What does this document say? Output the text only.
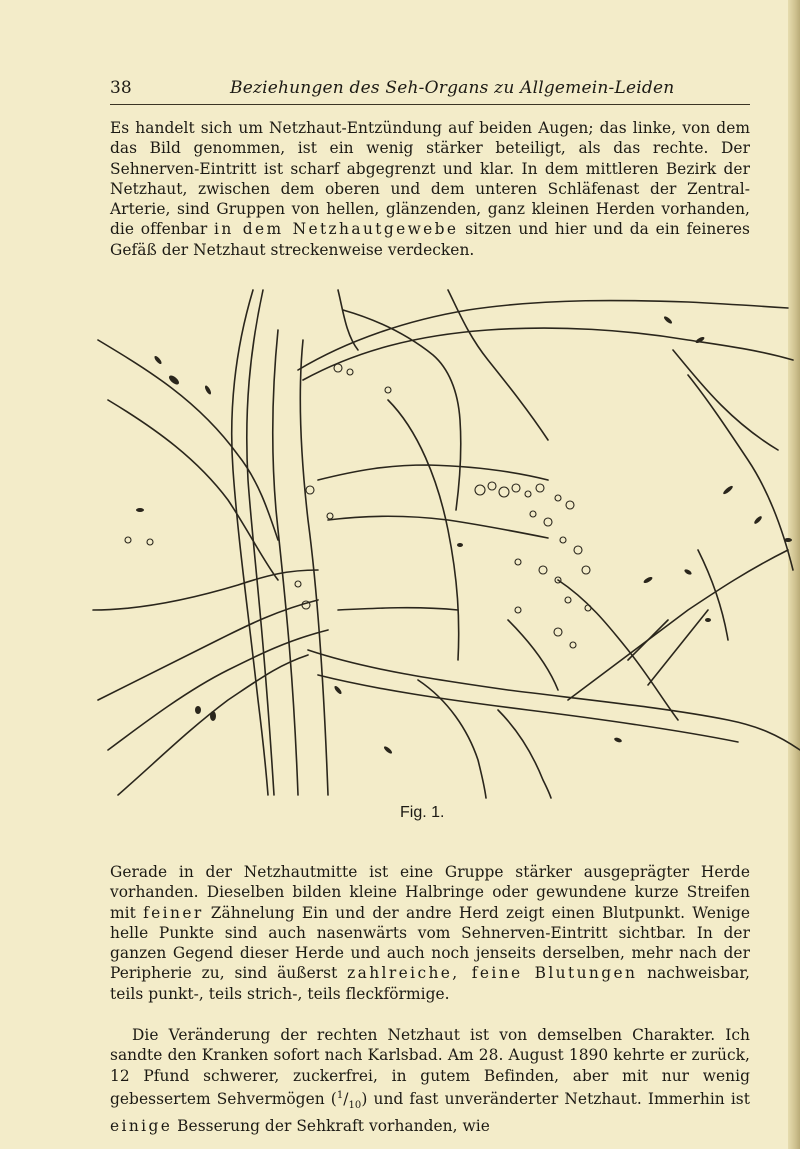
38	Beziehungen des Seh-Organs zu Allgemein-Leiden

Es handelt sich um Netzhaut-Entzündung auf beiden Augen; das linke, von dem das Bild genommen, ist ein wenig stärker beteiligt, als das rechte. Der Sehnerven-Eintritt ist scharf abgegrenzt und klar. In dem mittleren Bezirk der Netzhaut, zwischen dem oberen und dem unteren Schläfenast der Zentral-Arterie, sind Gruppen von hellen, glänzenden, ganz kleinen Herden vorhanden, die offenbar in dem Netzhautgewebe sitzen und hier und da ein feineres Gefäß der Netzhaut streckenweise verdecken.

Fig. 1.

Gerade in der Netzhautmitte ist eine Gruppe stärker ausgeprägter Herde vorhanden. Dieselben bilden kleine Halbringe oder gewundene kurze Streifen mit feiner Zähnelung Ein und der andre Herd zeigt einen Blutpunkt. Wenige helle Punkte sind auch nasenwärts vom Sehnerven-Eintritt sichtbar. In der ganzen Gegend dieser Herde und auch noch jenseits derselben, mehr nach der Peripherie zu, sind äußerst zahlreiche, feine Blutungen nachweisbar, teils punkt-, teils strich-, teils fleckförmige.

Die Veränderung der rechten Netzhaut ist von demselben Charakter. Ich sandte den Kranken sofort nach Karlsbad. Am 28. August 1890 kehrte er zurück, 12 Pfund schwerer, zuckerfrei, in gutem Befinden, aber mit nur wenig gebessertem Sehvermögen $(^1/_{10})$ und fast unveränderter Netzhaut. Immerhin ist einige Besserung der Sehkraft vorhanden, wie
